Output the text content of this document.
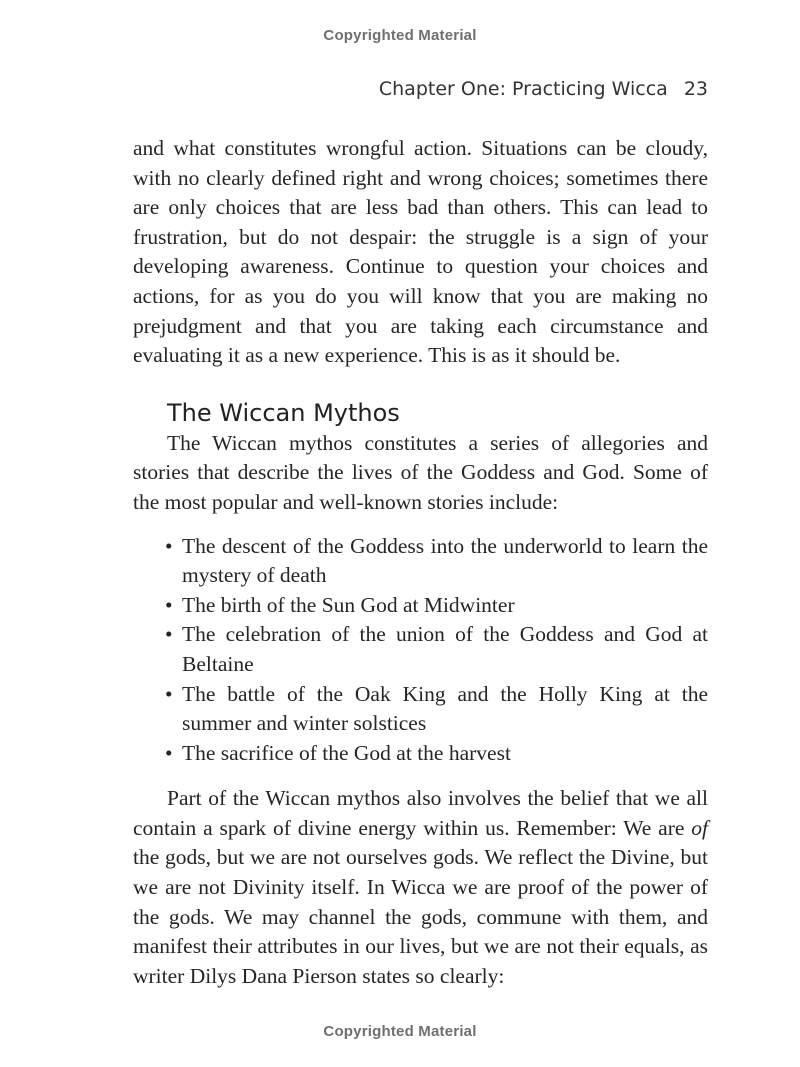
Copyrighted Material
Chapter One: Practicing Wicca 23

and what constitutes wrongful action. Situations can be cloudy, with no clearly defined right and wrong choices; sometimes there are only choices that are less bad than others. This can lead to frustration, but do not despair: the struggle is a sign of your developing awareness. Continue to question your choices and actions, for as you do you will know that you are making no prejudgment and that you are taking each circumstance and evaluating it as a new experience. This is as it should be.

The Wiccan Mythos

The Wiccan mythos constitutes a series of allegories and stories that describe the lives of the Goddess and God. Some of the most popular and well-known stories include:

• The descent of the Goddess into the underworld to learn the mystery of death
• The birth of the Sun God at Midwinter
• The celebration of the union of the Goddess and God at Beltaine
• The battle of the Oak King and the Holly King at the summer and winter solstices
• The sacrifice of the God at the harvest

Part of the Wiccan mythos also involves the belief that we all contain a spark of divine energy within us. Remember: We are of the gods, but we are not ourselves gods. We reflect the Divine, but we are not Divinity itself. In Wicca we are proof of the power of the gods. We may channel the gods, commune with them, and manifest their attributes in our lives, but we are not their equals, as writer Dilys Dana Pierson states so clearly:

Copyrighted Material
